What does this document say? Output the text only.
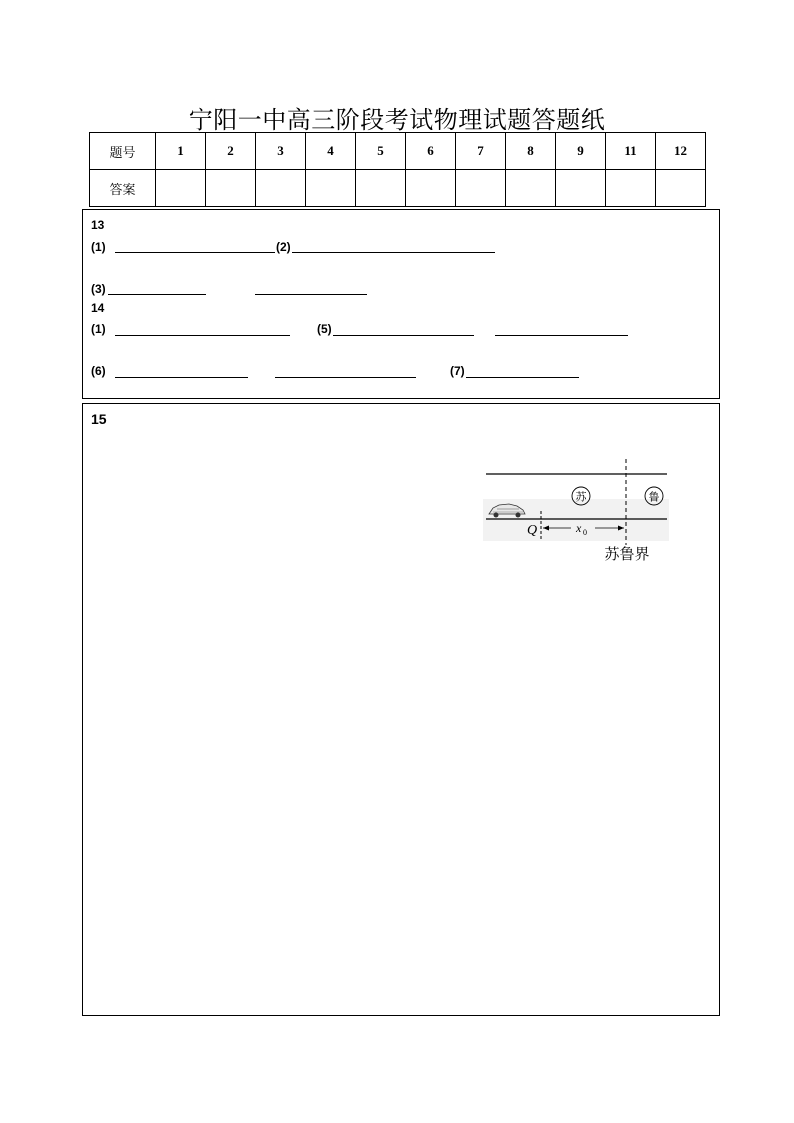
宁阳一中高三阶段考试物理试题答题纸
题号	1	2	3	4	5	6	7	8	9	11	12
答案											
13
(1)	(2)
(3)
14
(1)	(5)
(6)	(7)
15
苏	鲁
Q	x 0
苏鲁界
